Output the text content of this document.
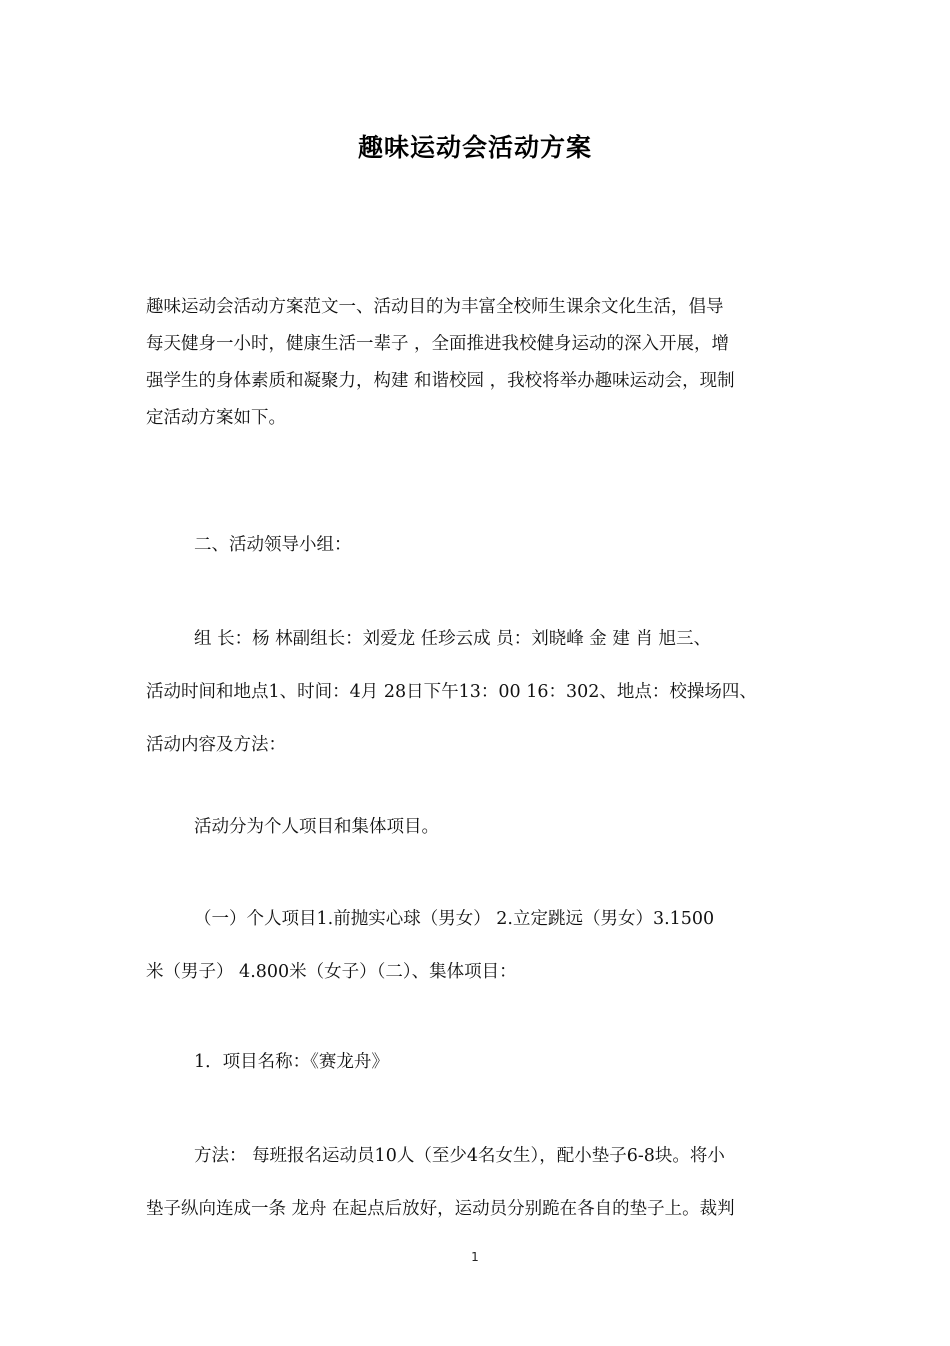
趣味运动会活动方案
趣味运动会活动方案范文一、活动目的为丰富全校师生课余文化生活，倡导
每天健身一小时，健康生活一辈子 ，全面推进我校健身运动的深入开展，增
强学生的身体素质和凝聚力，构建 和谐校园 ，我校将举办趣味运动会，现制
定活动方案如下。
二、活动领导小组：
组 长：杨 林副组长：刘爱龙 任珍云成 员：刘晓峰 金 建 肖 旭三、
活动时间和地点1、时间：4月 28日下午13：00 16：302、地点：校操场四、
活动内容及方法：
活动分为个人项目和集体项目。
（一）个人项目1.前抛实心球（男女） 2.立定跳远（男女）3.1500
米（男子） 4.800米（女子）（二）、集体项目：
1．项目名称：《赛龙舟》
方法： 每班报名运动员10人（至少4名女生），配小垫子6-8块。将小
垫子纵向连成一条 龙舟 在起点后放好，运动员分别跪在各自的垫子上。裁判
1
